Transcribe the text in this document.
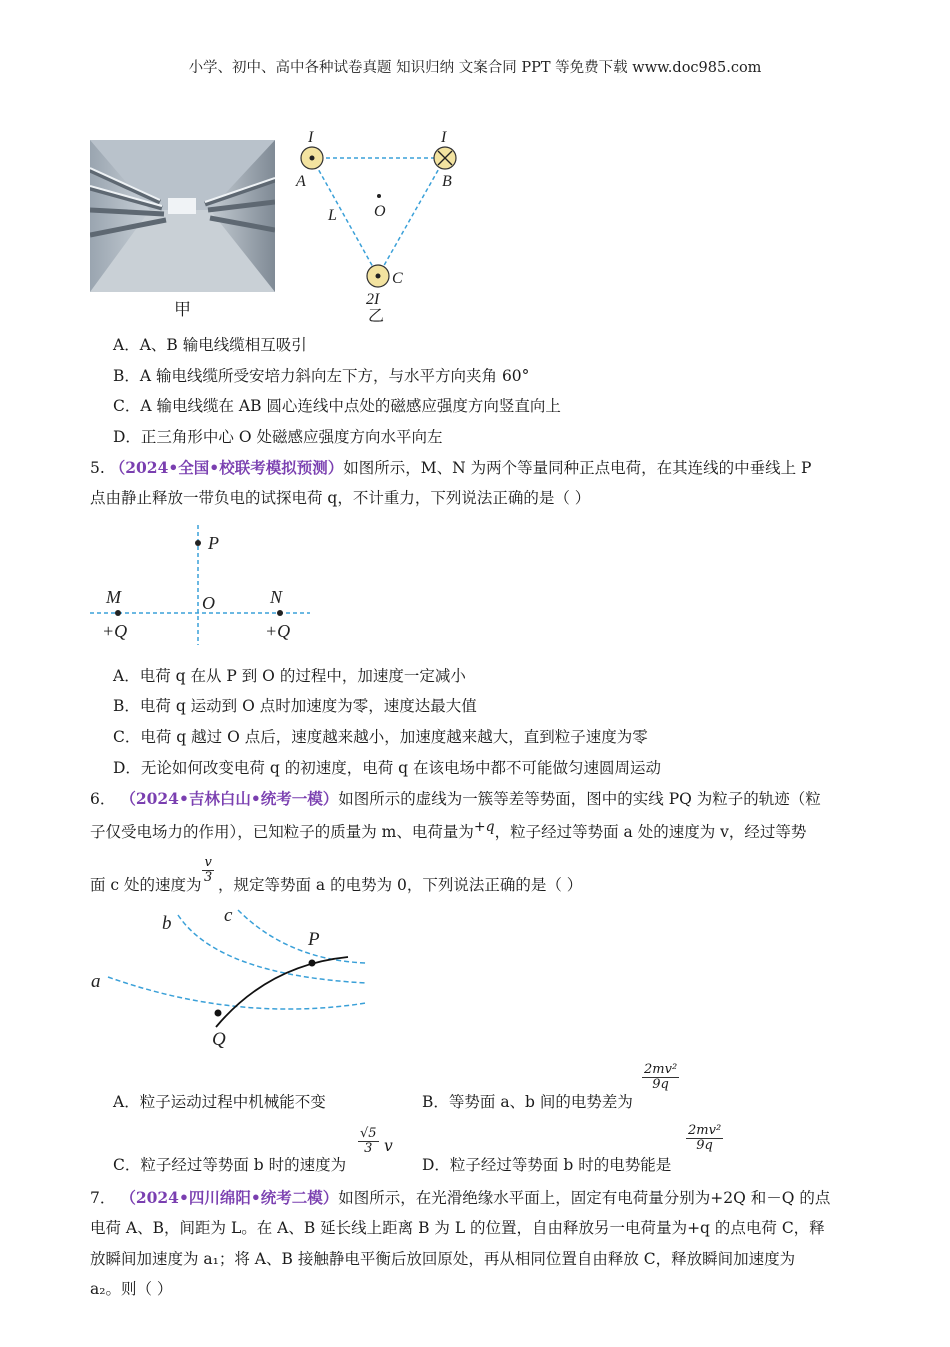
小学、初中、高中各种试卷真题 知识归纳 文案合同 PPT 等免费下载 www.doc985.com
甲
I	I
A	B
O
L
C
2I
乙
A．A、B 输电线缆相互吸引
B．A 输电线缆所受安培力斜向左下方，与水平方向夹角 60°
C．A 输电线缆在 AB 圆心连线中点处的磁感应强度方向竖直向上
D．正三角形中心 O 处磁感应强度方向水平向左
5. （2024•全国•校联考模拟预测）如图所示，M、N 为两个等量同种正点电荷，在其连线的中垂线上 P
点由静止释放一带负电的试探电荷 q，不计重力，下列说法正确的是（ ）
P
M	N
O
+Q	+Q
A．电荷 q 在从 P 到 O 的过程中，加速度一定减小
B．电荷 q 运动到 O 点时加速度为零，速度达最大值
C．电荷 q 越过 O 点后，速度越来越小，加速度越来越大，直到粒子速度为零
D．无论如何改变电荷 q 的初速度，电荷 q 在该电场中都不可能做匀速圆周运动
6． （2024•吉林白山•统考一模）如图所示的虚线为一簇等差等势面，图中的实线 PQ 为粒子的轨迹（粒
子仅受电场力的作用），已知粒子的质量为 m、电荷量为+q，粒子经过等势面 a 处的速度为 v，经过等势
面 c 处的速度为 $\frac{v}{3}$ ，规定等势面 a 的电势为 0，下列说法正确的是（ ）
a
b	c
P
Q
A．粒子运动过程中机械能不变	B．等势面 a、b 间的电势差为
$\frac{\text{2mv²}}{9q}$
C．粒子经过等势面 b 时的速度为
$\frac{√5}{3}$ v
D．粒子经过等势面 b 时的电势能是
$\frac{\text{2mv²}}{9q}$
7． （2024•四川绵阳•统考二模）如图所示，在光滑绝缘水平面上，固定有电荷量分别为+2Q 和－Q 的点
电荷 A、B，间距为 L。在 A、B 延长线上距离 B 为 L 的位置，自由释放另一电荷量为+q 的点电荷 C，释
放瞬间加速度为 a₁；将 A、B 接触静电平衡后放回原处，再从相同位置自由释放 C，释放瞬间加速度为
a₂。则（ ）
